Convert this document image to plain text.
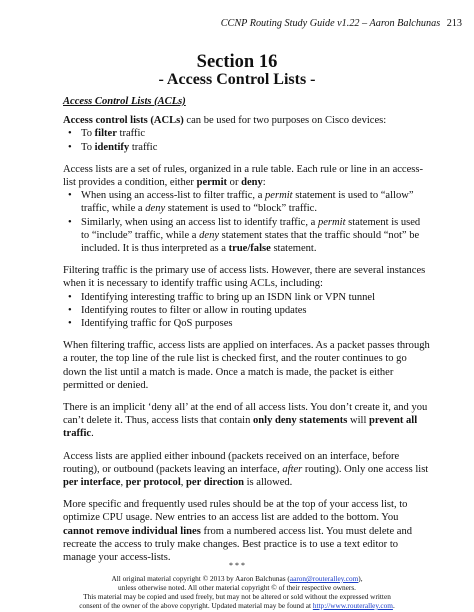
CCNP Routing Study Guide v1.22 – Aaron Balchunas 213
Section 16
- Access Control Lists -
Access Control Lists (ACLs)

Access control lists (ACLs) can be used for two purposes on Cisco devices:

• To filter traffic
• To identify traffic

Access lists are a set of rules, organized in a rule table. Each rule or line in an access-list provides a condition, either permit or deny:

• When using an access-list to filter traffic, a permit statement is used to “allow” traffic, while a deny statement is used to “block” traffic.
• Similarly, when using an access list to identify traffic, a permit statement is used to “include” traffic, while a deny statement states that the traffic should “not” be included. It is thus interpreted as a true/false statement.

Filtering traffic is the primary use of access lists. However, there are several instances when it is necessary to identify traffic using ACLs, including:

• Identifying interesting traffic to bring up an ISDN link or VPN tunnel
• Identifying routes to filter or allow in routing updates
• Identifying traffic for QoS purposes

When filtering traffic, access lists are applied on interfaces. As a packet passes through a router, the top line of the rule list is checked first, and the router continues to go down the list until a match is made. Once a match is made, the packet is either permitted or denied.

There is an implicit ‘deny all’ at the end of all access lists. You don’t create it, and you can’t delete it. Thus, access lists that contain only deny statements will prevent all traffic.

Access lists are applied either inbound (packets received on an interface, before routing), or outbound (packets leaving an interface, after routing). Only one access list per interface, per protocol, per direction is allowed.

More specific and frequently used rules should be at the top of your access list, to optimize CPU usage. New entries to an access list are added to the bottom. You cannot remove individual lines from a numbered access list. You must delete and recreate the access to truly make changes. Best practice is to use a text editor to manage your access-lists.

* * *
All original material copyright © 2013 by Aaron Balchunas (aaron@routeralley.com),
unless otherwise noted. All other material copyright © of their respective owners.
This material may be copied and used freely, but may not be altered or sold without the expressed written
consent of the owner of the above copyright. Updated material may be found at http://www.routeralley.com.
